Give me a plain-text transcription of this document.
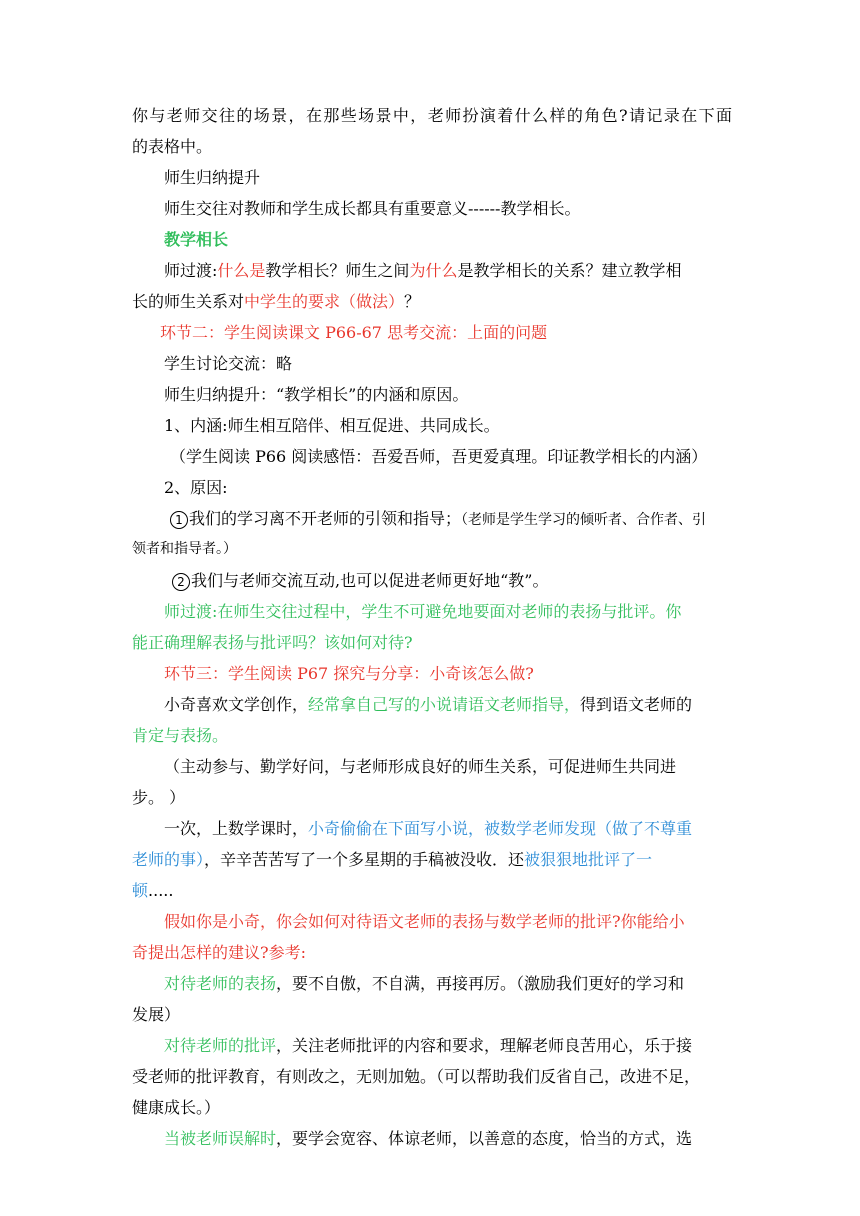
你与老师交往的场景，在那些场景中，老师扮演着什么样的角色?请记录在下面
的表格中。
师生归纳提升
师生交往对教师和学生成长都具有重要意义------教学相长。
教学相长
师过渡:什么是教学相长？师生之间为什么是教学相长的关系？建立教学相
长的师生关系对中学生的要求（做法）？
环节二：学生阅读课文 P66-67 思考交流：上面的问题
学生讨论交流：略
师生归纳提升：“教学相长”的内涵和原因。
1、内涵:师生相互陪伴、相互促进、共同成长。
（学生阅读 P66 阅读感悟：吾爱吾师，吾更爱真理。印证教学相长的内涵）
2、原因:
1 我们的学习离不开老师的引领和指导；（老师是学生学习的倾听者、合作者、引
领者和指导者。）
2 我们与老师交流互动,也可以促进老师更好地“教”。
师过渡:在师生交往过程中，学生不可避免地要面对老师的表扬与批评。你
能正确理解表扬与批评吗？该如何对待?
环节三：学生阅读 P67 探究与分享：小奇该怎么做?
小奇喜欢文学创作，经常拿自己写的小说请语文老师指导，得到语文老师的
肯定与表扬。
（主动参与、勤学好问，与老师形成良好的师生关系，可促进师生共同进
步。 ）
一次，上数学课时，小奇偷偷在下面写小说，被数学老师发现（做了不尊重
老师的事），辛辛苦苦写了一个多星期的手稿被没收．还被狠狠地批评了一
顿.....
假如你是小奇，你会如何对待语文老师的表扬与数学老师的批评?你能给小
奇提出怎样的建议?参考:
对待老师的表扬，要不自傲，不自满，再接再厉。（激励我们更好的学习和
发展）
对待老师的批评，关注老师批评的内容和要求，理解老师良苦用心，乐于接
受老师的批评教育，有则改之，无则加勉。（可以帮助我们反省自己，改进不足，
健康成长。）
当被老师误解时，要学会宽容、体谅老师，以善意的态度，恰当的方式，选
